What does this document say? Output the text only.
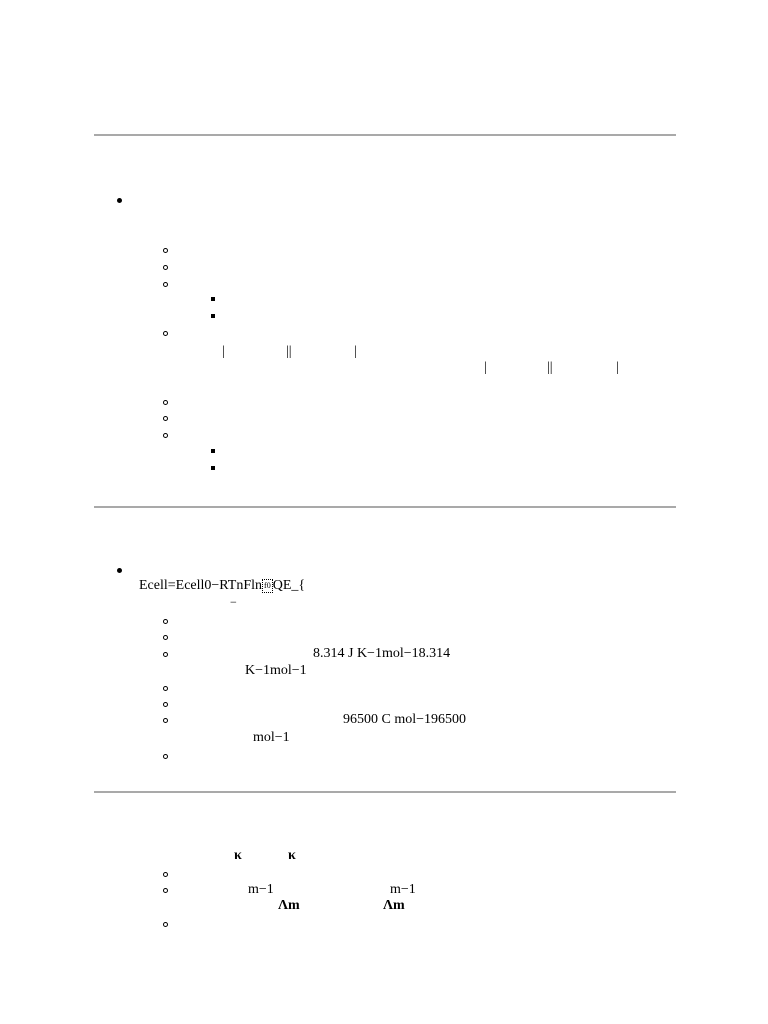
|	||	|
|	||	|
Ecell=Ecell0−RTnFln f0 QE_{
−
8.314 J K−1mol−18.314
K−1mol−1
96500 C mol−196500
mol−1
κ	κ
m−1	m−1
Λm	Λm
